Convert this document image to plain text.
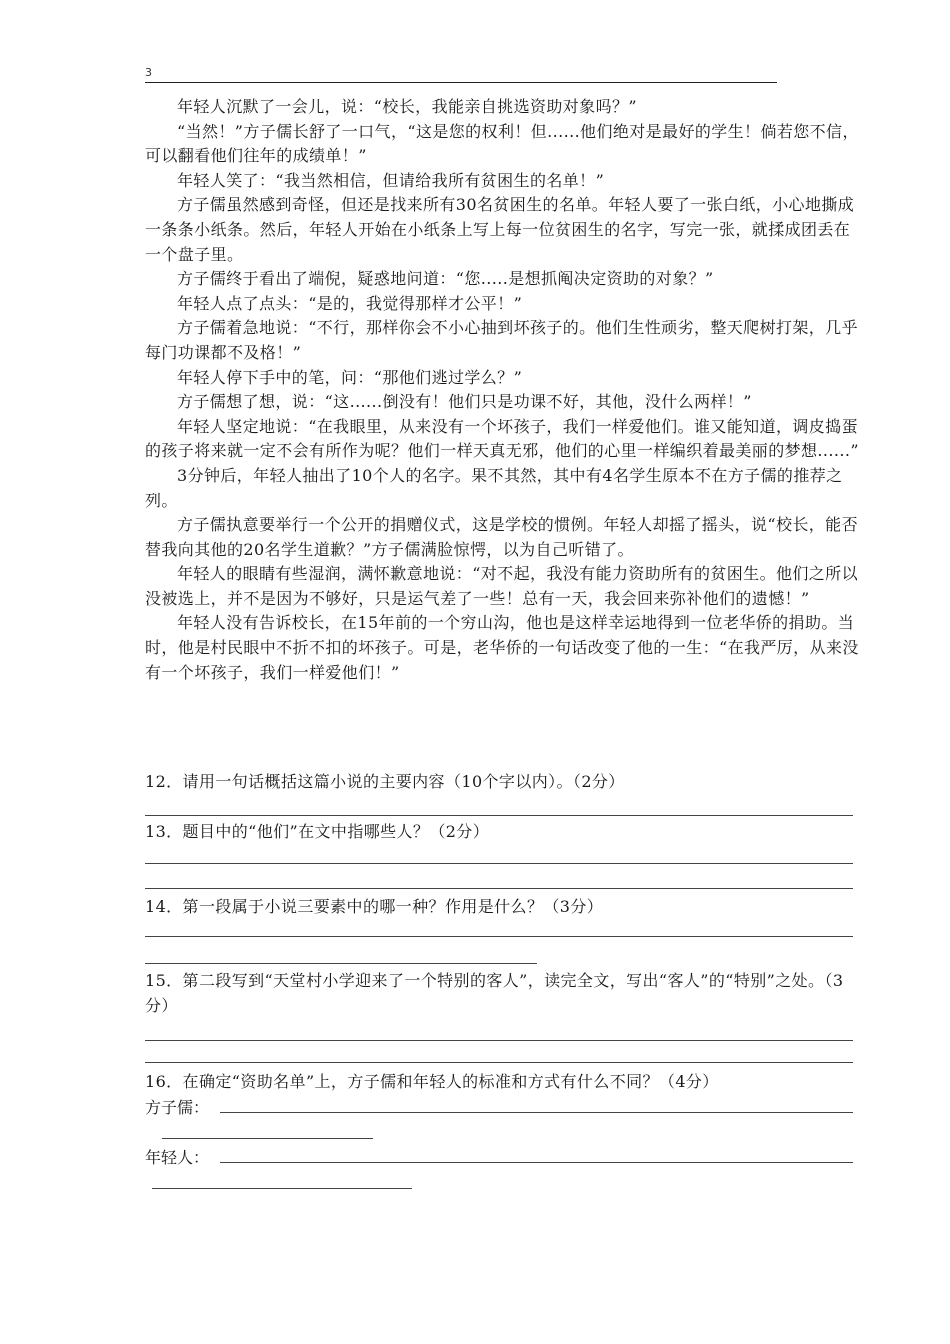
3

年轻人沉默了一会儿，说：“校长，我能亲自挑选资助对象吗？”

“当然！”方子儒长舒了一口气，“这是您的权利！但......他们绝对是最好的学生！倘若您不信，可以翻看他们往年的成绩单！”

年轻人笑了：“我当然相信，但请给我所有贫困生的名单！”

方子儒虽然感到奇怪，但还是找来所有30名贫困生的名单。年轻人要了一张白纸，小心地撕成一条条小纸条。然后，年轻人开始在小纸条上写上每一位贫困生的名字，写完一张，就揉成团丢在一个盘子里。

方子儒终于看出了端倪，疑惑地问道：“您.....是想抓阄决定资助的对象？”

年轻人点了点头：“是的，我觉得那样才公平！”

方子儒着急地说：“不行，那样你会不小心抽到坏孩子的。他们生性顽劣，整天爬树打架，几乎每门功课都不及格！”

年轻人停下手中的笔，问：“那他们逃过学么？”

方子儒想了想，说：“这......倒没有！他们只是功课不好，其他，没什么两样！”

年轻人坚定地说：“在我眼里，从来没有一个坏孩子，我们一样爱他们。谁又能知道，调皮捣蛋的孩子将来就一定不会有所作为呢？他们一样天真无邪，他们的心里一样编织着最美丽的梦想......”

3分钟后，年轻人抽出了10个人的名字。果不其然，其中有4名学生原本不在方子儒的推荐之列。

方子儒执意要举行一个公开的捐赠仪式，这是学校的惯例。年轻人却摇了摇头，说“校长，能否替我向其他的20名学生道歉？”方子儒满脸惊愕，以为自己听错了。

年轻人的眼睛有些湿润，满怀歉意地说：“对不起，我没有能力资助所有的贫困生。他们之所以没被选上，并不是因为不够好，只是运气差了一些！总有一天，我会回来弥补他们的遗憾！”

年轻人没有告诉校长，在15年前的一个穷山沟，他也是这样幸运地得到一位老华侨的捐助。当时，他是村民眼中不折不扣的坏孩子。可是，老华侨的一句话改变了他的一生：“在我严厉，从来没有一个坏孩子，我们一样爱他们！”

12．请用一句话概括这篇小说的主要内容（10个字以内）。（2分）
13．题目中的“他们”在文中指哪些人？（2分）
14．第一段属于小说三要素中的哪一种？作用是什么？（3分）
15．第二段写到“天堂村小学迎来了一个特别的客人”，读完全文，写出“客人”的“特别”之处。（3分）
16．在确定“资助名单”上，方子儒和年轻人的标准和方式有什么不同？（4分）
方子儒：
年轻人：
